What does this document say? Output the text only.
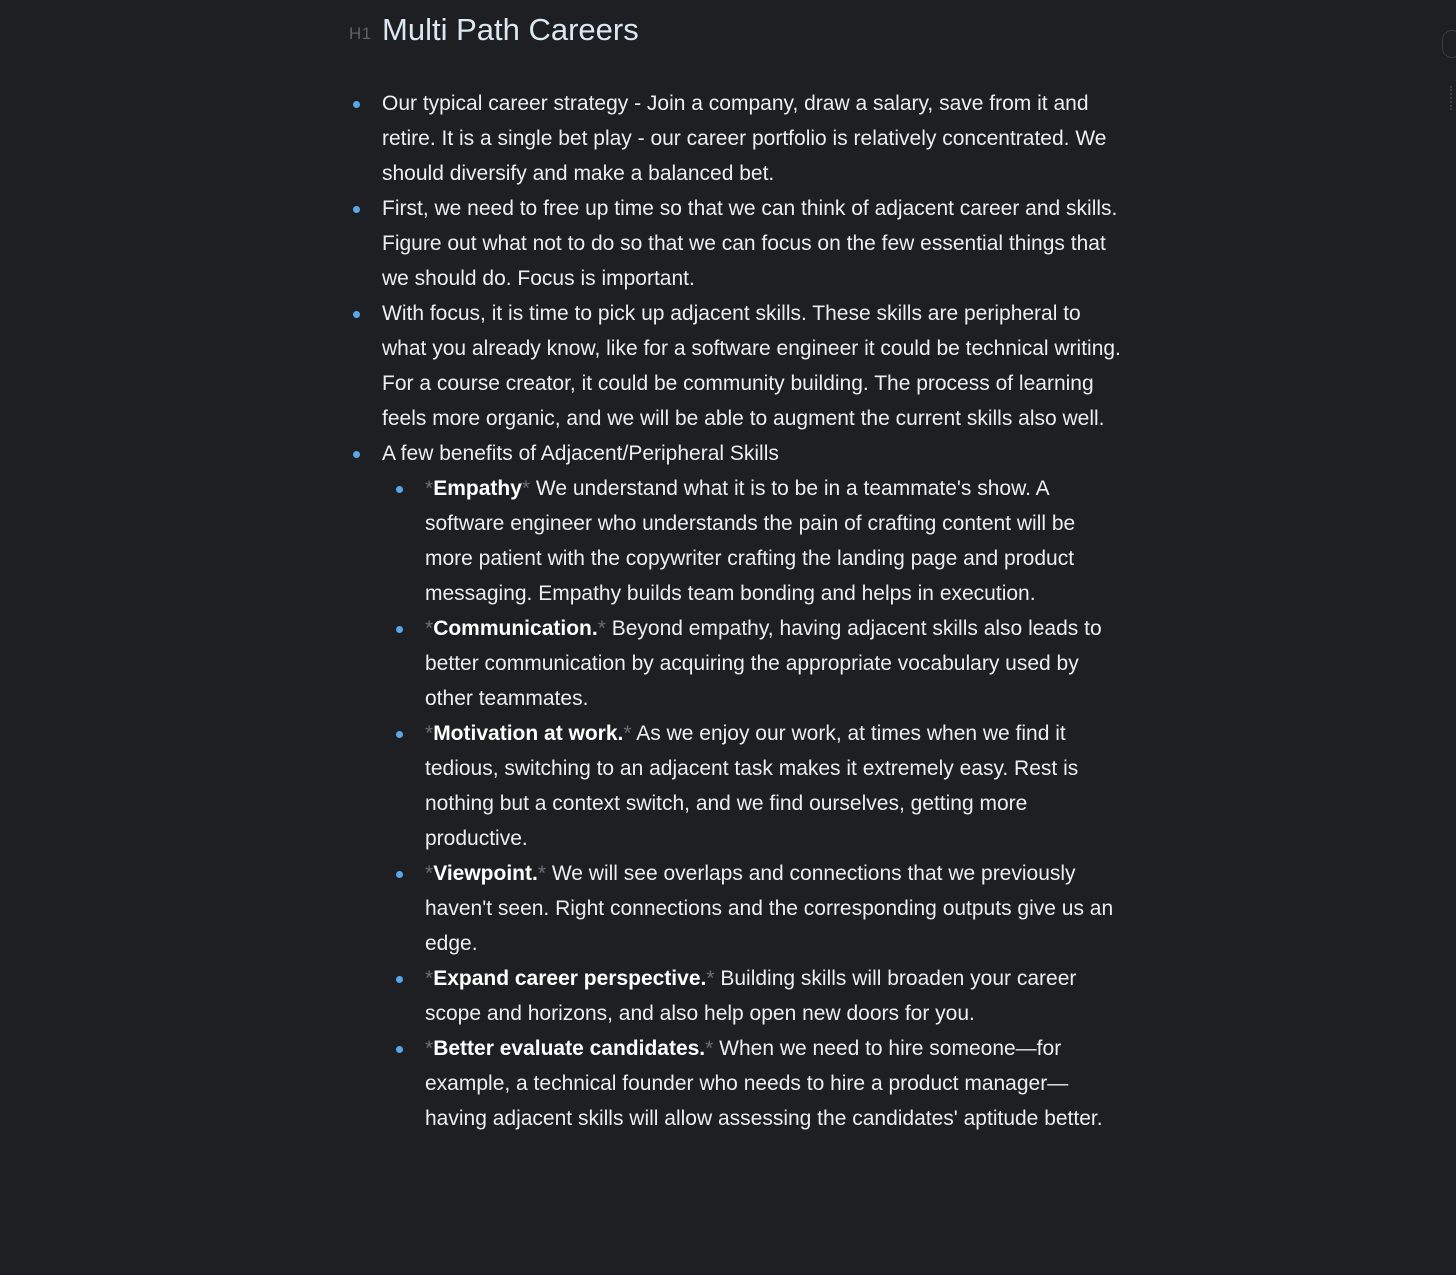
H1 Multi Path Careers
Our typical career strategy - Join a company, draw a salary, save from it and retire. It is a single bet play - our career portfolio is relatively concentrated. We should diversify and make a balanced bet.
First, we need to free up time so that we can think of adjacent career and skills. Figure out what not to do so that we can focus on the few essential things that we should do. Focus is important.
With focus, it is time to pick up adjacent skills. These skills are peripheral to what you already know, like for a software engineer it could be technical writing. For a course creator, it could be community building. The process of learning feels more organic, and we will be able to augment the current skills also well.
A few benefits of Adjacent/Peripheral Skills
*Empathy* We understand what it is to be in a teammate's show. A software engineer who understands the pain of crafting content will be more patient with the copywriter crafting the landing page and product messaging. Empathy builds team bonding and helps in execution.
*Communication.* Beyond empathy, having adjacent skills also leads to better communication by acquiring the appropriate vocabulary used by other teammates.
*Motivation at work.* As we enjoy our work, at times when we find it tedious, switching to an adjacent task makes it extremely easy. Rest is nothing but a context switch, and we find ourselves, getting more productive.
*Viewpoint.* We will see overlaps and connections that we previously haven't seen. Right connections and the corresponding outputs give us an edge.
*Expand career perspective.* Building skills will broaden your career scope and horizons, and also help open new doors for you.
*Better evaluate candidates.* When we need to hire someone—for example, a technical founder who needs to hire a product manager—having adjacent skills will allow assessing the candidates' aptitude better.
